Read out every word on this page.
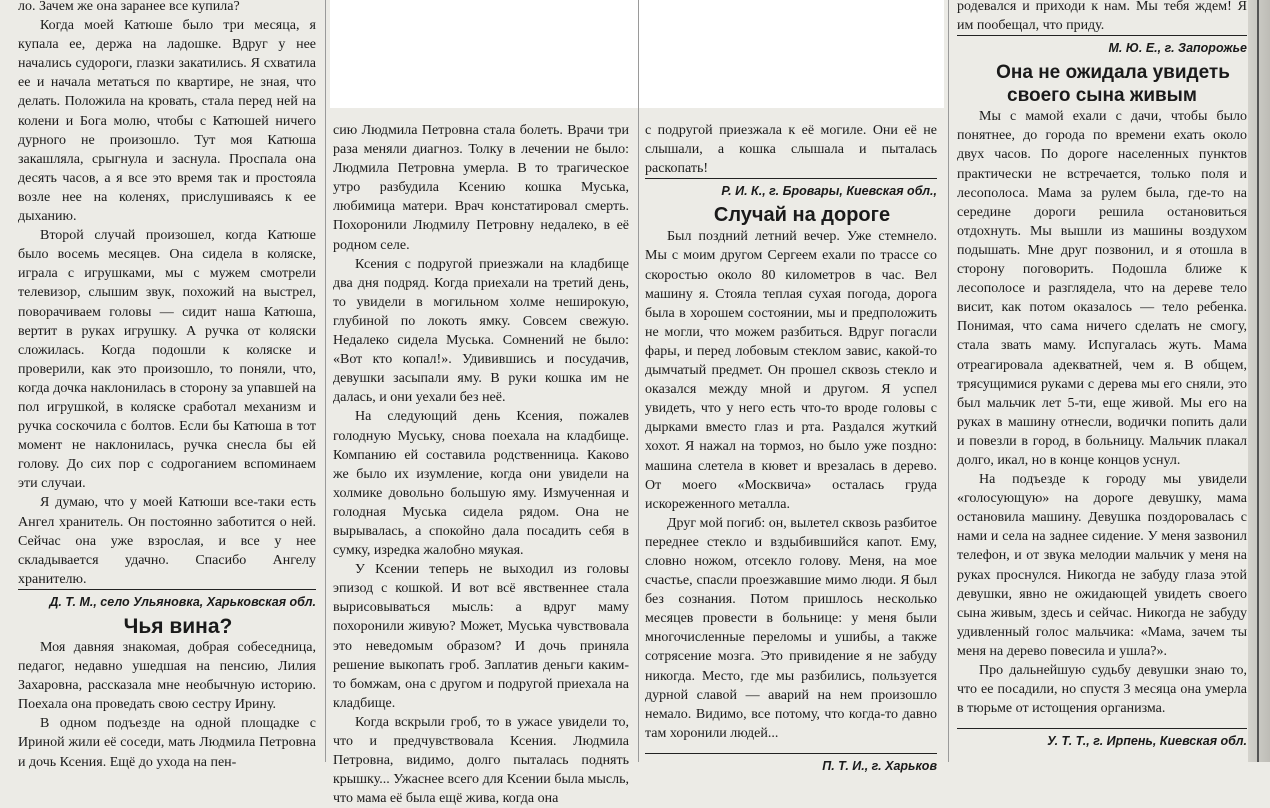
ло. Зачем же она заранее все купила?

Когда моей Катюше было три месяца, я купала ее, держа на ладошке. Вдруг у нее начались судороги, глазки закатились. Я схватила ее и начала метаться по квартире, не зная, что делать. Положила на кровать, стала перед ней на колени и Бога молю, чтобы с Катюшей ничего дурного не произошло. Тут моя Катюша закашляла, срыгнула и заснула. Проспала она десять часов, а я все это время так и простояла возле нее на коленях, прислушиваясь к ее дыханию.

Второй случай произошел, когда Катюше было восемь месяцев. Она сидела в коляске, играла с игрушками, мы с мужем смотрели телевизор, слышим звук, похожий на выстрел, поворачиваем головы — сидит наша Катюша, вертит в руках игрушку. А ручка от коляски сложилась. Когда подошли к коляске и проверили, как это произошло, то поняли, что, когда дочка наклонилась в сторону за упавшей на пол игрушкой, в коляске сработал механизм и ручка соскочила с болтов. Если бы Катюша в тот момент не наклонилась, ручка снесла бы ей голову. До сих пор с содроганием вспоминаем эти случаи.

Я думаю, что у моей Катюши все-таки есть Ангел хранитель. Он постоянно заботится о ней. Сейчас она уже взрослая, и все у нее складывается удачно. Спасибо Ангелу хранителю.

Д. Т. М., село Ульяновка, Харьковская обл.

Чья вина?

Моя давняя знакомая, добрая собеседница, педагог, недавно ушедшая на пенсию, Лилия Захаровна, рассказала мне необычную историю. Поехала она проведать свою сестру Ирину.

В одном подъезде на одной площадке с Ириной жили её соседи, мать Людмила Петровна и дочь Ксения. Ещё до ухода на пен-

сию Людмила Петровна стала болеть. Врачи три раза меняли диагноз. Толку в лечении не было: Людмила Петровна умерла. В то трагическое утро разбудила Ксению кошка Муська, любимица матери. Врач констатировал смерть. Похоронили Людмилу Петровну недалеко, в её родном селе.

Ксения с подругой приезжали на кладбище два дня подряд. Когда приехали на третий день, то увидели в могильном холме неширокую, глубиной по локоть ямку. Совсем свежую. Недалеко сидела Муська. Сомнений не было: «Вот кто копал!». Удивившись и посудачив, девушки засыпали яму. В руки кошка им не далась, и они уехали без неё.

На следующий день Ксения, пожалев голодную Муську, снова поехала на кладбище. Компанию ей составила родственница. Каково же было их изумление, когда они увидели на холмике довольно большую яму. Измученная и голодная Муська сидела рядом. Она не вырывалась, а спокойно дала посадить себя в сумку, изредка жалобно мяукая.

У Ксении теперь не выходил из головы эпизод с кошкой. И вот всё явственнее стала вырисовываться мысль: а вдруг маму похоронили живую? Может, Муська чувствовала это неведомым образом? И дочь приняла решение выкопать гроб. Заплатив деньги каким-то бомжам, она с другом и подругой приехала на кладбище.

Когда вскрыли гроб, то в ужасе увидели то, что и предчувствовала Ксения. Людмила Петровна, видимо, долго пыталась поднять крышку... Ужаснее всего для Ксении была мысль, что мама её была ещё жива, когда она

с подругой приезжала к её могиле. Они её не слышали, а кошка слышала и пыталась раскопать!

Р. И. К., г. Бровары, Киевская обл.,

Случай на дороге

Был поздний летний вечер. Уже стемнело. Мы с моим другом Сергеем ехали по трассе со скоростью около 80 километров в час. Вел машину я. Стояла теплая сухая погода, дорога была в хорошем состоянии, мы и предположить не могли, что можем разбиться. Вдруг погасли фары, и перед лобовым стеклом завис, какой-то дымчатый предмет. Он прошел сквозь стекло и оказался между мной и другом. Я успел увидеть, что у него есть что-то вроде головы с дырками вместо глаз и рта. Раздался жуткий хохот. Я нажал на тормоз, но было уже поздно: машина слетела в кювет и врезалась в дерево. От моего «Москвича» осталась груда искореженного металла.

Друг мой погиб: он, вылетел сквозь разбитое переднее стекло и вздыбившийся капот. Ему, словно ножом, отсекло голову. Меня, на мое счастье, спасли проезжавшие мимо люди. Я был без сознания. Потом пришлось несколько месяцев провести в больнице: у меня были многочисленные переломы и ушибы, а также сотрясение мозга. Это привидение я не забуду никогда. Место, где мы разбились, пользуется дурной славой — аварий на нем произошло немало. Видимо, все потому, что когда-то давно там хоронили людей...

П. Т. И., г. Харьков

родевался и приходи к нам. Мы тебя ждем! Я им пообещал, что приду.

М. Ю. Е., г. Запорожье

Она не ожидала увидеть своего сына живым

Мы с мамой ехали с дачи, чтобы было понятнее, до города по времени ехать около двух часов. По дороге населенных пунктов практически не встречается, только поля и лесополоса. Мама за рулем была, где-то на середине дороги решила остановиться отдохнуть. Мы вышли из машины воздухом подышать. Мне друг позвонил, и я отошла в сторону поговорить. Подошла ближе к лесополосе и разглядела, что на дереве тело висит, как потом оказалось — тело ребенка. Понимая, что сама ничего сделать не смогу, стала звать маму. Испугалась жуть. Мама отреагировала адекватней, чем я. В общем, трясущимися руками с дерева мы его сняли, это был мальчик лет 5-ти, еще живой. Мы его на руках в машину отнесли, водички попить дали и повезли в город, в больницу. Мальчик плакал долго, икал, но в конце концов уснул.

На подъезде к городу мы увидели «голосующую» на дороге девушку, мама остановила машину. Девушка поздоровалась с нами и села на заднее сидение. У меня зазвонил телефон, и от звука мелодии мальчик у меня на руках проснулся. Никогда не забуду глаза этой девушки, явно не ожидающей увидеть своего сына живым, здесь и сейчас. Никогда не забуду удивленный голос мальчика: «Мама, зачем ты меня на дерево повесила и ушла?».

Про дальнейшую судьбу девушки знаю то, что ее посадили, но спустя 3 месяца она умерла в тюрьме от истощения организма.

У. Т. Т., г. Ирпень, Киевская обл.
